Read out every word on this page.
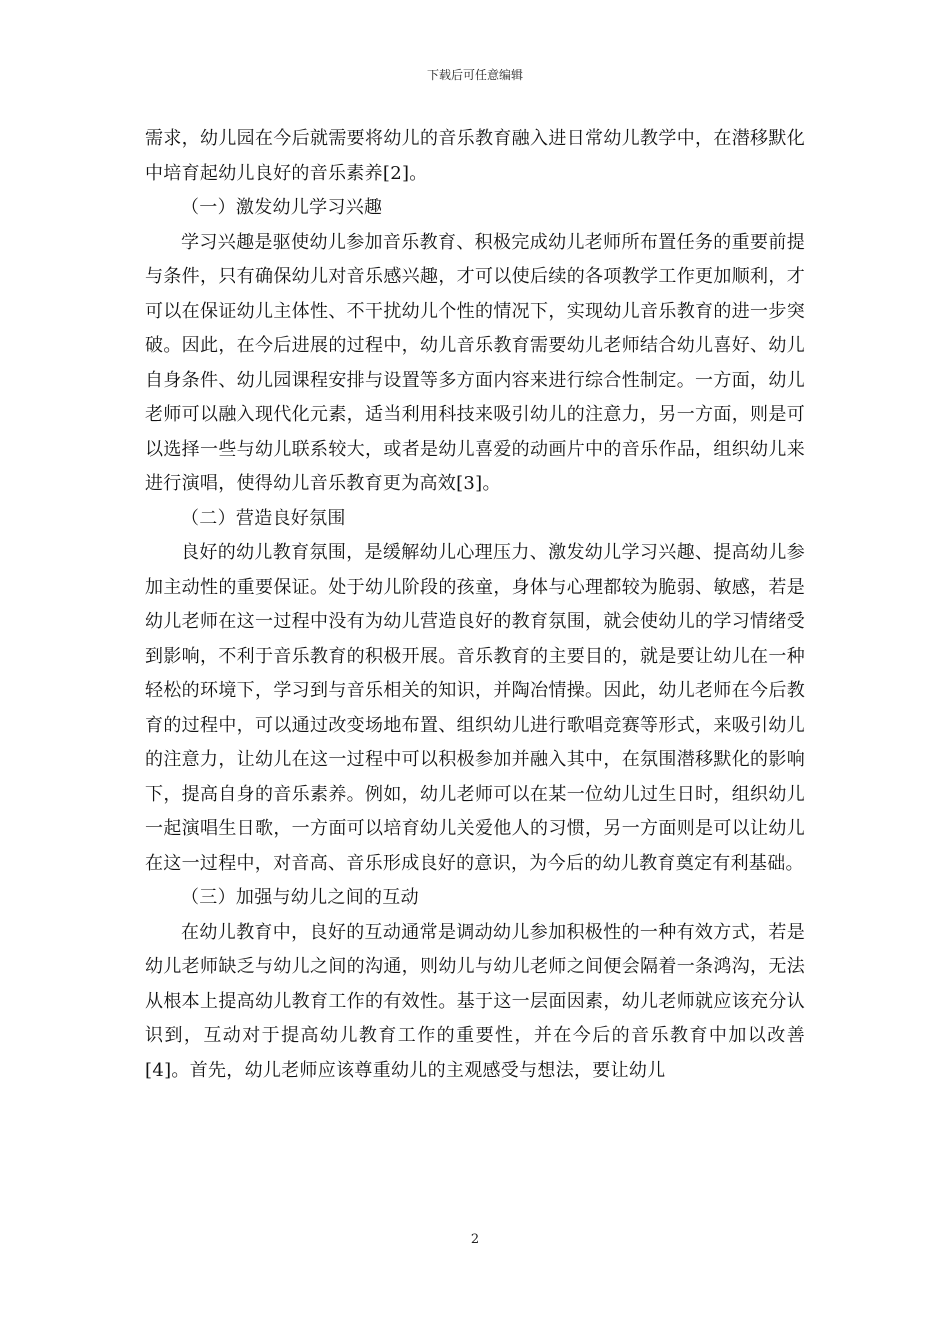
下载后可任意编辑

需求，幼儿园在今后就需要将幼儿的音乐教育融入进日常幼儿教学中，在潜移默化中培育起幼儿良好的音乐素养[2]。

（一）激发幼儿学习兴趣

学习兴趣是驱使幼儿参加音乐教育、积极完成幼儿老师所布置任务的重要前提与条件，只有确保幼儿对音乐感兴趣，才可以使后续的各项教学工作更加顺利，才可以在保证幼儿主体性、不干扰幼儿个性的情况下，实现幼儿音乐教育的进一步突破。因此，在今后进展的过程中，幼儿音乐教育需要幼儿老师结合幼儿喜好、幼儿自身条件、幼儿园课程安排与设置等多方面内容来进行综合性制定。一方面，幼儿老师可以融入现代化元素，适当利用科技来吸引幼儿的注意力，另一方面，则是可以选择一些与幼儿联系较大，或者是幼儿喜爱的动画片中的音乐作品，组织幼儿来进行演唱，使得幼儿音乐教育更为高效[3]。

（二）营造良好氛围

良好的幼儿教育氛围，是缓解幼儿心理压力、激发幼儿学习兴趣、提高幼儿参加主动性的重要保证。处于幼儿阶段的孩童，身体与心理都较为脆弱、敏感，若是幼儿老师在这一过程中没有为幼儿营造良好的教育氛围，就会使幼儿的学习情绪受到影响，不利于音乐教育的积极开展。音乐教育的主要目的，就是要让幼儿在一种轻松的环境下，学习到与音乐相关的知识，并陶冶情操。因此，幼儿老师在今后教育的过程中，可以通过改变场地布置、组织幼儿进行歌唱竞赛等形式，来吸引幼儿的注意力，让幼儿在这一过程中可以积极参加并融入其中，在氛围潜移默化的影响下，提高自身的音乐素养。例如，幼儿老师可以在某一位幼儿过生日时，组织幼儿一起演唱生日歌，一方面可以培育幼儿关爱他人的习惯，另一方面则是可以让幼儿在这一过程中，对音高、音乐形成良好的意识，为今后的幼儿教育奠定有利基础。

（三）加强与幼儿之间的互动

在幼儿教育中，良好的互动通常是调动幼儿参加积极性的一种有效方式，若是幼儿老师缺乏与幼儿之间的沟通，则幼儿与幼儿老师之间便会隔着一条鸿沟，无法从根本上提高幼儿教育工作的有效性。基于这一层面因素，幼儿老师就应该充分认识到，互动对于提高幼儿教育工作的重要性，并在今后的音乐教育中加以改善[4]。首先，幼儿老师应该尊重幼儿的主观感受与想法，要让幼儿

2
